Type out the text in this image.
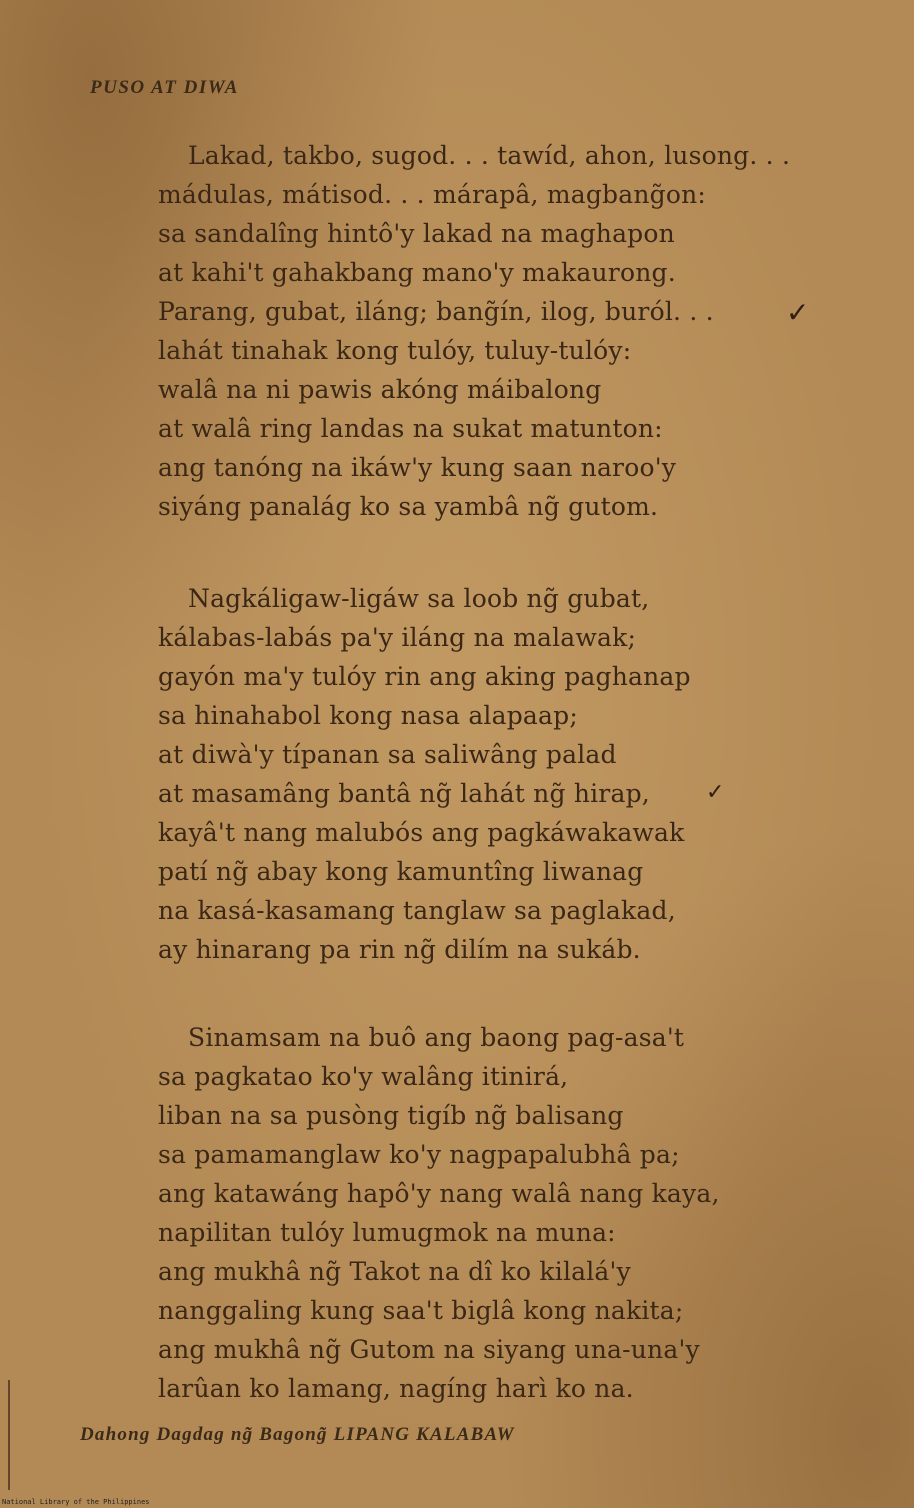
PUSO AT DIWA
Lakad, takbo, sugod. . . tawíd, ahon, lusong. . .
mádulas, mátisod. . . márapâ, magbang̃on:
sa sandalîng hintô'y lakad na maghapon
at kahi't gahakbang mano'y makaurong.
Parang, gubat, iláng; bang̃ín, ilog, buról. . .
lahát tinahak kong tulóy, tuluy-tulóy:
walâ na ni pawis akóng máibalong
at walâ ring landas na sukat matunton:
ang tanóng na ikáw'y kung saan naroo'y
siyáng panalág ko sa yambâ ng̃ gutom.
Nagkáligaw-ligáw sa loob ng̃ gubat,
kálabas-labás pa'y iláng na malawak;
gayón ma'y tulóy rin ang aking paghanap
sa hinahabol kong nasa alapaap;
at diwà'y típanan sa saliwâng palad
at masamâng bantâ ng̃ lahát ng̃ hirap,
kayâ't nang malubós ang pagkáwakawak
patí ng̃ abay kong kamuntîng liwanag
na kasá-kasamang tanglaw sa paglakad,
ay hinarang pa rin ng̃ dilím na sukáb.
Sinamsam na buô ang baong pag-asa't
sa pagkatao ko'y walâng itinirá,
liban na sa pusòng tigíb ng̃ balisang
sa pamamanglaw ko'y nagpapalubhâ pa;
ang katawáng hapô'y nang walâ nang kaya,
napilitan tulóy lumugmok na muna:
ang mukhâ ng̃ Takot na dî ko kilalá'y
nanggaling kung saa't biglâ kong nakita;
ang mukhâ ng̃ Gutom na siyang una-una'y
larûan ko lamang, nagíng harì ko na.
✓
✓
Dahong Dagdag ng̃ Bagong̃ LIPANG KALABAW
National Library of the Philippines
